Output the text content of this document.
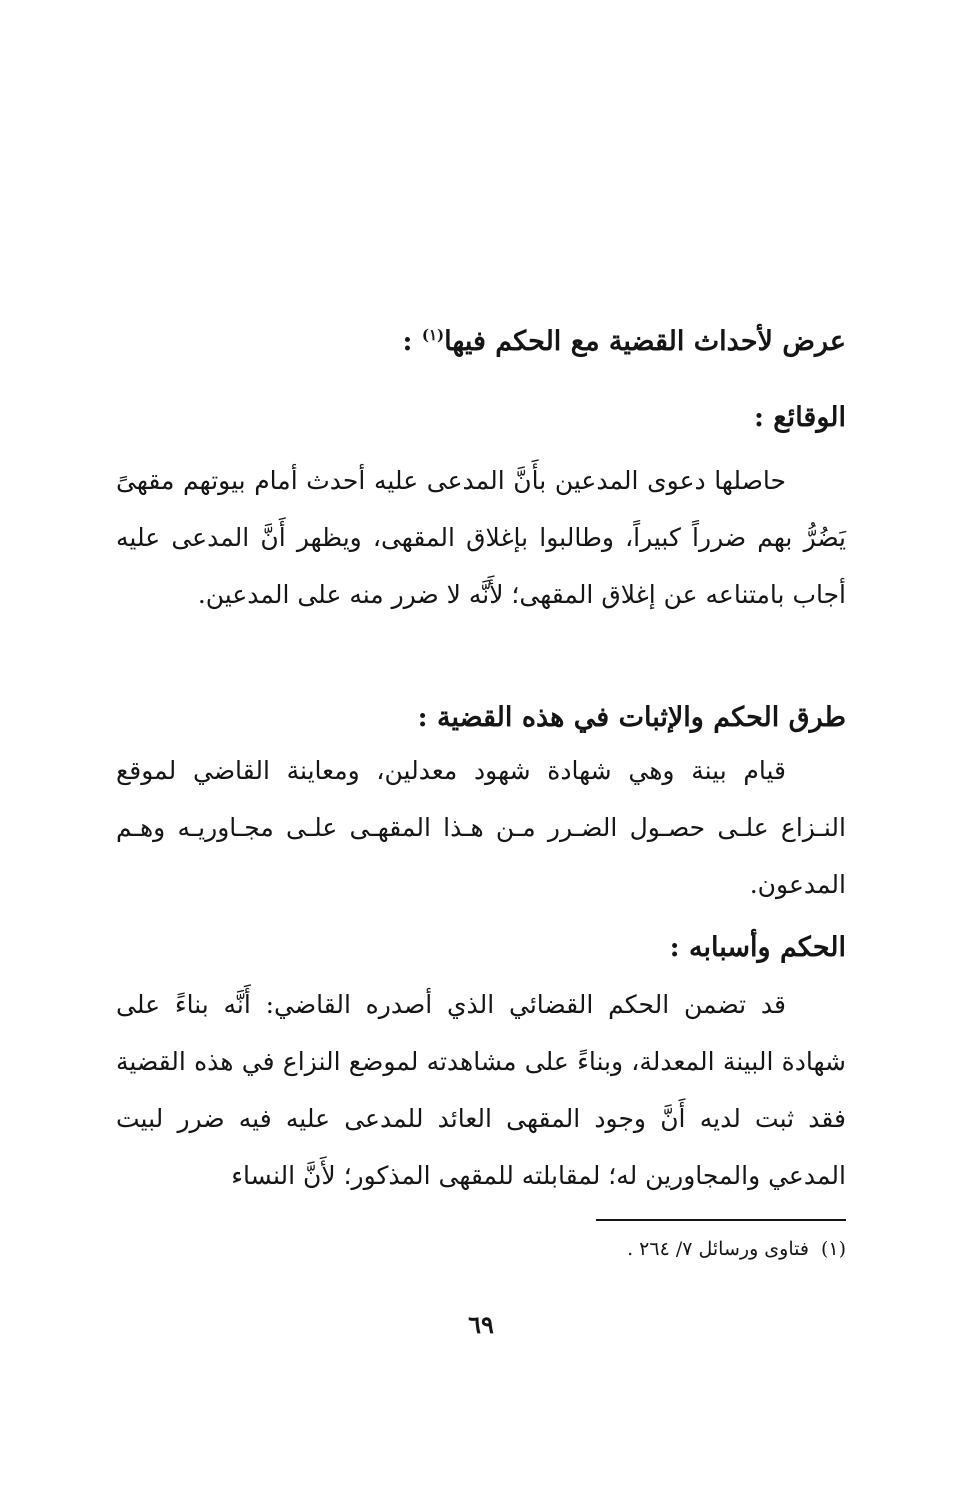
عرض لأحداث القضية مع الحكم فيها$^{(١)}$ :
الوقائع :
حاصلها دعوى المدعين بأَنَّ المدعى عليه أحدث أمام بيوتهم مقهىً يَضُرُّ بهم ضرراً كبيراً، وطالبوا بإغلاق المقهى، ويظهر أَنَّ المدعى عليه أجاب بامتناعه عن إغلاق المقهى؛ لأَنَّه لا ضرر منه على المدعين.
طرق الحكم والإثبات في هذه القضية :
قيام بينة وهي شهادة شهود معدلين، ومعاينة القاضي لموقع النـزاع علـى حصـول الضـرر مـن هـذا المقهـى علـى مجـاوريـه وهـم المدعون.
الحكم وأسبابه :
قد تضمن الحكم القضائي الذي أصدره القاضي: أَنَّه بناءً على شهادة البينة المعدلة، وبناءً على مشاهدته لموضع النزاع في هذه القضية فقد ثبت لديه أَنَّ وجود المقهى العائد للمدعى عليه فيه ضرر لبيت المدعي والمجاورين له؛ لمقابلته للمقهى المذكور؛ لأَنَّ النساء
(١)فتاوى ورسائل ٧/ ٢٦٤ .
٦٩
